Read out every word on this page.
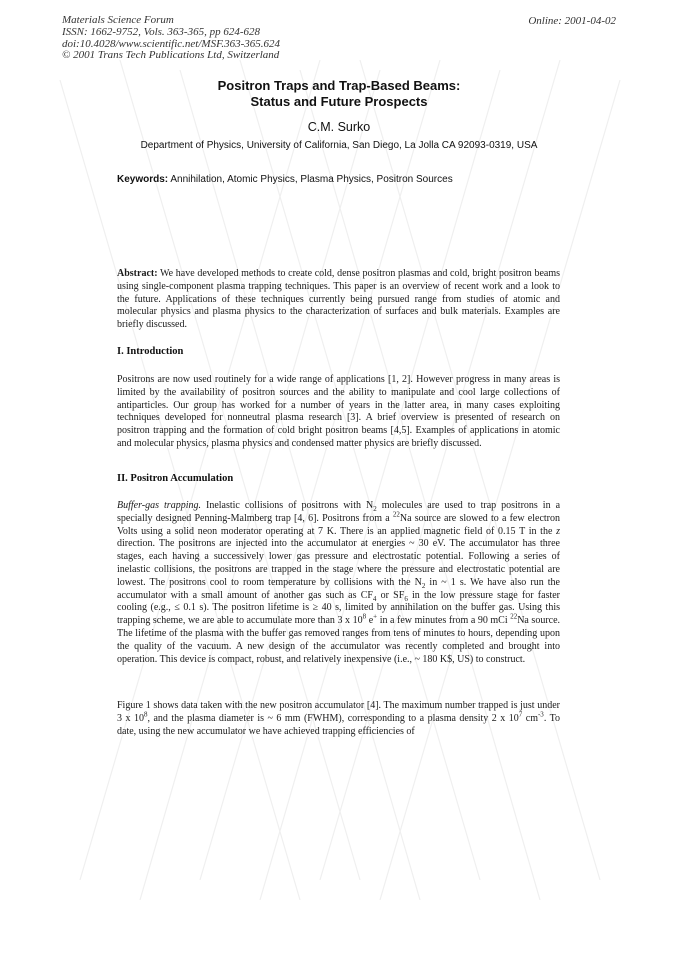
Materials Science Forum
ISSN: 1662-9752, Vols. 363-365, pp 624-628
doi:10.4028/www.scientific.net/MSF.363-365.624
© 2001 Trans Tech Publications Ltd, Switzerland
Online: 2001-04-02
Positron Traps and Trap-Based Beams:
Status and Future Prospects
C.M. Surko
Department of Physics, University of California, San Diego, La Jolla CA 92093-0319, USA
Keywords: Annihilation, Atomic Physics, Plasma Physics, Positron Sources
Abstract: We have developed methods to create cold, dense positron plasmas and cold, bright positron beams using single-component plasma trapping techniques. This paper is an overview of recent work and a look to the future. Applications of these techniques currently being pursued range from studies of atomic and molecular physics and plasma physics to the characterization of surfaces and bulk materials. Examples are briefly discussed.
I. Introduction
Positrons are now used routinely for a wide range of applications [1, 2]. However progress in many areas is limited by the availability of positron sources and the ability to manipulate and cool large collections of antiparticles. Our group has worked for a number of years in the latter area, in many cases exploiting techniques developed for nonneutral plasma research [3]. A brief overview is presented of research on positron trapping and the formation of cold bright positron beams [4,5]. Examples of applications in atomic and molecular physics, plasma physics and condensed matter physics are briefly discussed.
II. Positron Accumulation
Buffer-gas trapping. Inelastic collisions of positrons with $N_2$ molecules are used to trap positrons in a specially designed Penning-Malmberg trap [4, 6]. Positrons from a $^{22}$Na source are slowed to a few electron Volts using a solid neon moderator operating at 7 K. There is an applied magnetic field of 0.15 T in the z direction. The positrons are injected into the accumulator at energies ~ 30 eV. The accumulator has three stages, each having a successively lower gas pressure and electrostatic potential. Following a series of inelastic collisions, the positrons are trapped in the stage where the pressure and electrostatic potential are lowest. The positrons cool to room temperature by collisions with the $N_2$ in ~ 1 s. We have also run the accumulator with a small amount of another gas such as $CF_4$ or $SF_6$ in the low pressure stage for faster cooling (e.g., ≤ 0.1 s). The positron lifetime is ≥ 40 s, limited by annihilation on the buffer gas. Using this trapping scheme, we are able to accumulate more than 3 x $10^8$ e+ in a few minutes from a 90 mCi $^{22}$Na source. The lifetime of the plasma with the buffer gas removed ranges from tens of minutes to hours, depending upon the quality of the vacuum. A new design of the accumulator was recently completed and brought into operation. This device is compact, robust, and relatively inexpensive (i.e., ~ 180 K$, US) to construct.
Figure 1 shows data taken with the new positron accumulator [4]. The maximum number trapped is just under 3 x $10^8$, and the plasma diameter is ~ 6 mm (FWHM), corresponding to a plasma density 2 x $10^7$ $cm^{-3}$. To date, using the new accumulator we have achieved trapping efficiencies of
